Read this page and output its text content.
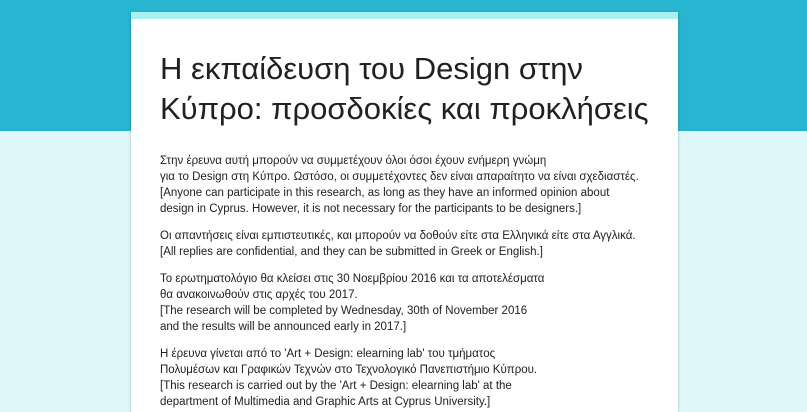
Η εκπαίδευση του Design στην
Κύπρο: προσδοκίες και προκλήσεις

Στην έρευνα αυτή μπορούν να συμμετέχουν όλοι όσοι έχουν ενήμερη γνώμη
για το Design στη Κύπρο. Ωστόσο, οι συμμετέχοντες δεν είναι απαραίτητο να είναι σχεδιαστές.
[Anyone can participate in this research, as long as they have an informed opinion about
design in Cyprus. However, it is not necessary for the participants to be designers.]

Οι απαντήσεις είναι εμπιστευτικές, και μπορούν να δοθούν είτε στα Ελληνικά είτε στα Αγγλικά.
[All replies are confidential, and they can be submitted in Greek or English.]

Το ερωτηματολόγιο θα κλείσει στις 30 Νοεμβρίου 2016 και τα αποτελέσματα
θα ανακοινωθούν στις αρχές του 2017.
[The research will be completed by Wednesday, 30th of November 2016
and the results will be announced early in 2017.]

Η έρευνα γίνεται από το 'Art + Design: elearning lab' του τμήματος
Πολυμέσων και Γραφικών Τεχνών στο Τεχνολογικό Πανεπιστήμιο Κύπρου.
[This research is carried out by the 'Art + Design: elearning lab' at the
department of Multimedia and Graphic Arts at Cyprus University.]
